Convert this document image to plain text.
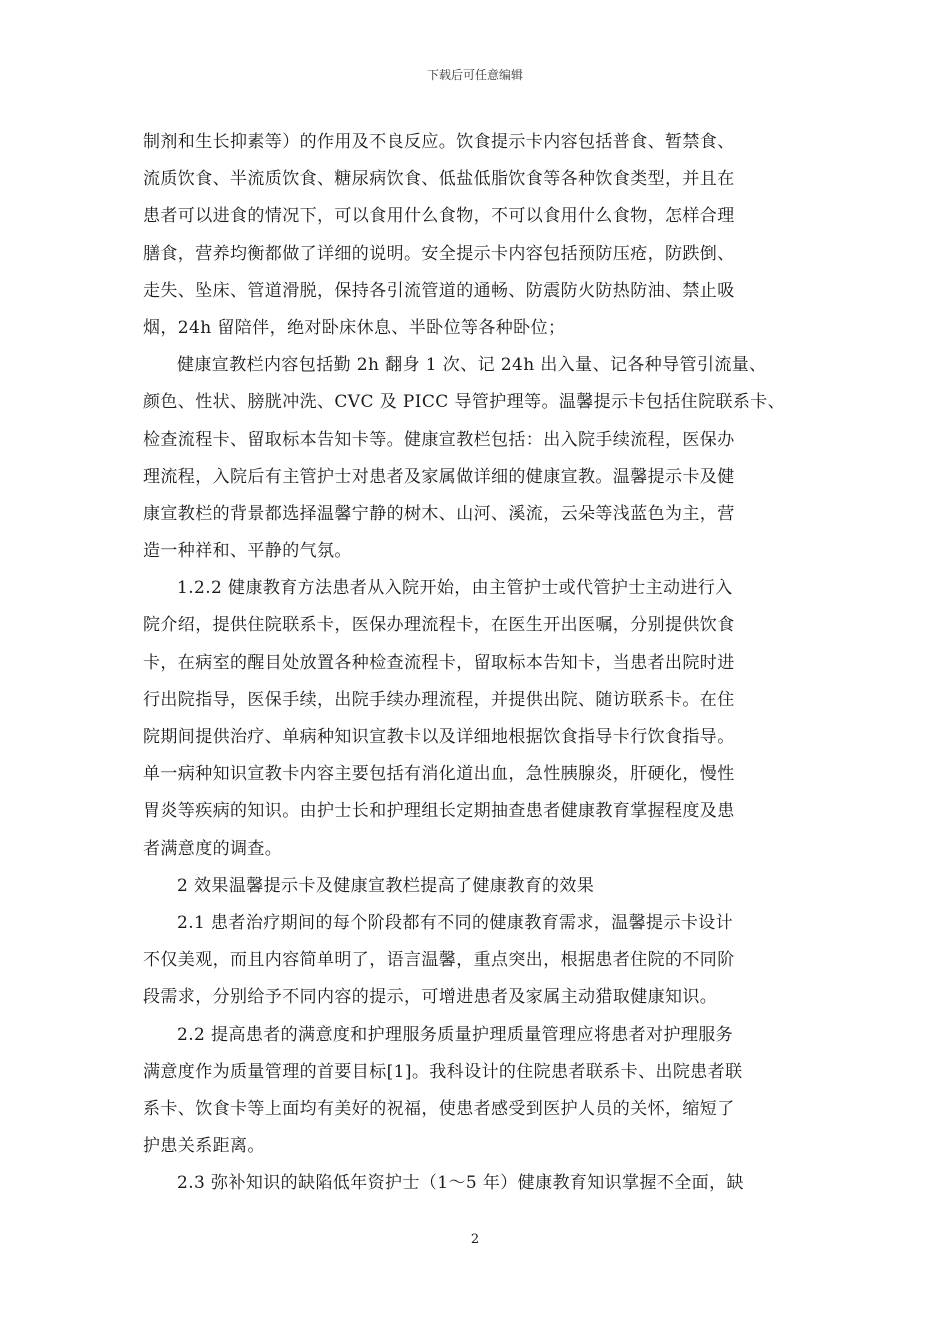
下载后可任意编辑
制剂和生长抑素等）的作用及不良反应。饮食提示卡内容包括普食、暂禁食、
流质饮食、半流质饮食、糖尿病饮食、低盐低脂饮食等各种饮食类型，并且在
患者可以进食的情况下，可以食用什么食物，不可以食用什么食物，怎样合理
膳食，营养均衡都做了详细的说明。安全提示卡内容包括预防压疮，防跌倒、
走失、坠床、管道滑脱，保持各引流管道的通畅、防震防火防热防油、禁止吸
烟，24h 留陪伴，绝对卧床休息、半卧位等各种卧位；
健康宣教栏内容包括勤 2h 翻身 1 次、记 24h 出入量、记各种导管引流量、
颜色、性状、膀胱冲洗、CVC 及 PICC 导管护理等。温馨提示卡包括住院联系卡、
检查流程卡、留取标本告知卡等。健康宣教栏包括：出入院手续流程，医保办
理流程，入院后有主管护士对患者及家属做详细的健康宣教。温馨提示卡及健
康宣教栏的背景都选择温馨宁静的树木、山河、溪流，云朵等浅蓝色为主，营
造一种祥和、平静的气氛。
1.2.2 健康教育方法患者从入院开始，由主管护士或代管护士主动进行入
院介绍，提供住院联系卡，医保办理流程卡，在医生开出医嘱，分别提供饮食
卡，在病室的醒目处放置各种检查流程卡，留取标本告知卡，当患者出院时进
行出院指导，医保手续，出院手续办理流程，并提供出院、随访联系卡。在住
院期间提供治疗、单病种知识宣教卡以及详细地根据饮食指导卡行饮食指导。
单一病种知识宣教卡内容主要包括有消化道出血，急性胰腺炎，肝硬化，慢性
胃炎等疾病的知识。由护士长和护理组长定期抽查患者健康教育掌握程度及患
者满意度的调查。
2 效果温馨提示卡及健康宣教栏提高了健康教育的效果
2.1 患者治疗期间的每个阶段都有不同的健康教育需求，温馨提示卡设计
不仅美观，而且内容简单明了，语言温馨，重点突出，根据患者住院的不同阶
段需求，分别给予不同内容的提示，可增进患者及家属主动猎取健康知识。
2.2 提高患者的满意度和护理服务质量护理质量管理应将患者对护理服务
满意度作为质量管理的首要目标[1]。我科设计的住院患者联系卡、出院患者联
系卡、饮食卡等上面均有美好的祝福，使患者感受到医护人员的关怀，缩短了
护患关系距离。
2.3 弥补知识的缺陷低年资护士（1～5 年）健康教育知识掌握不全面，缺
2
